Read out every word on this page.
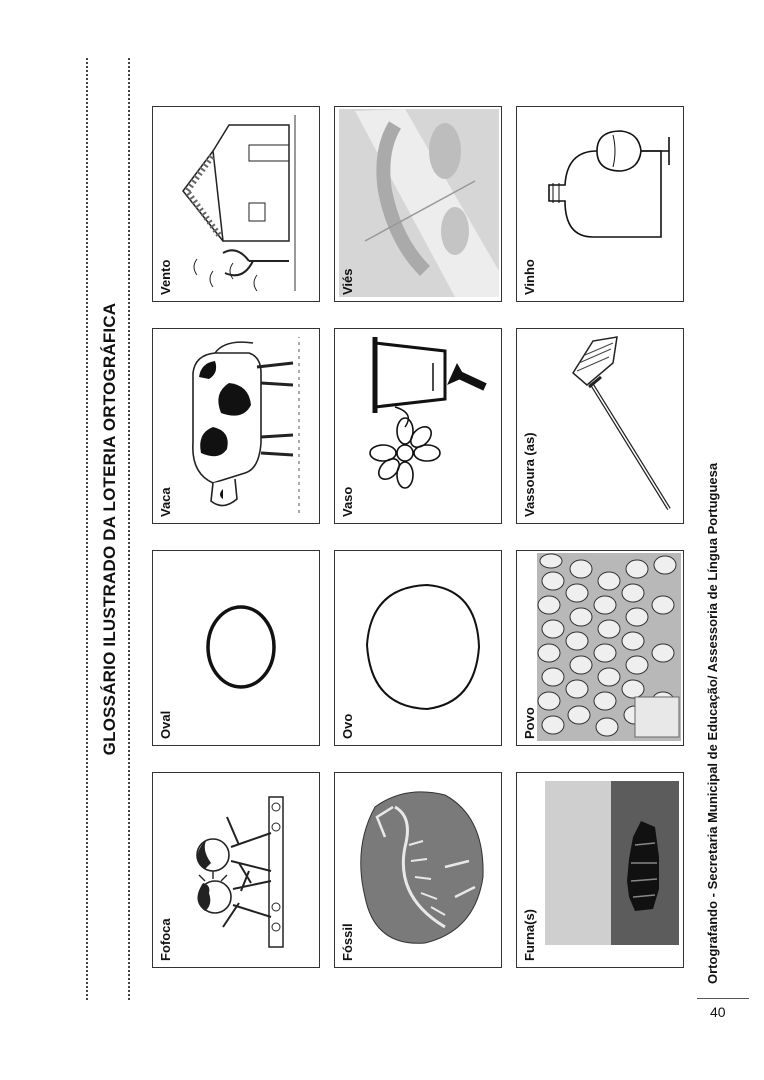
GLOSSÁRIO ILUSTRADO DA LOTERIA ORTOGRÁFICA
Fofoca
Oval
Vaca
Vento
Fóssil
Ovo
Vaso
Viés
Furna(s)
Povo
Vassoura (as)
Vinho
Ortografando - Secretaria Municipal de Educação/ Assessoria de Língua Portuguesa
40
